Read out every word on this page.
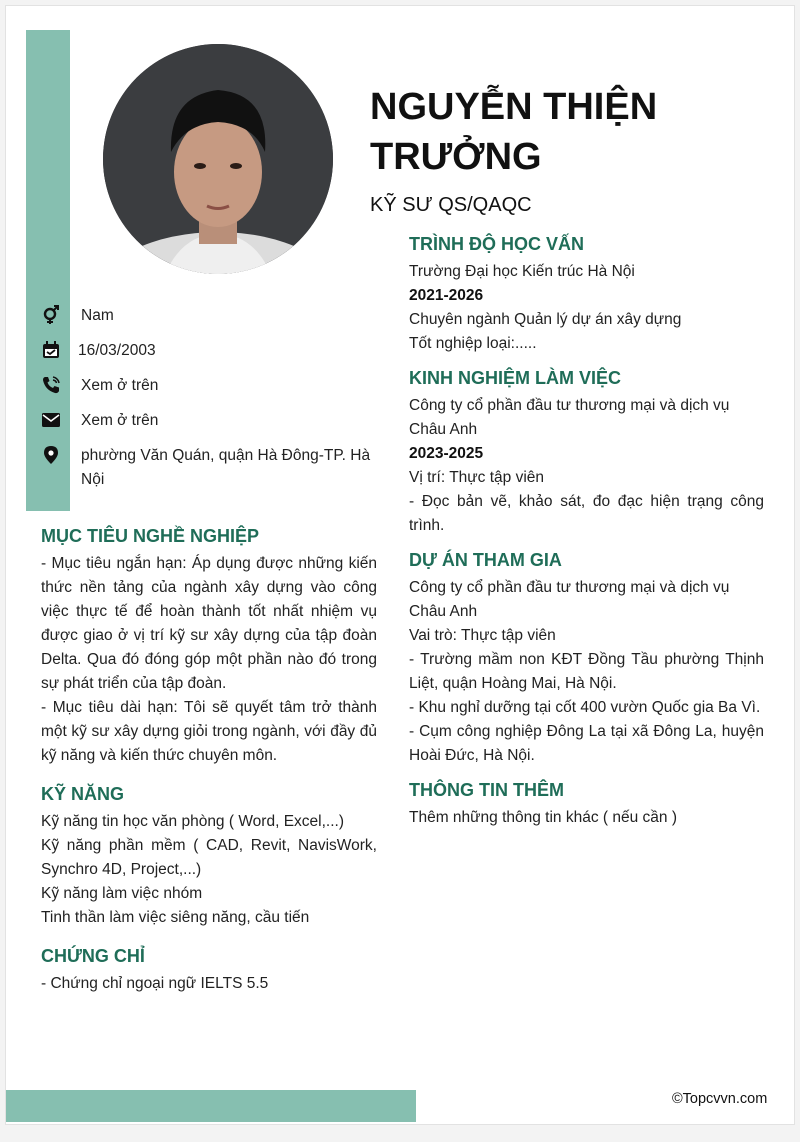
NGUYỄN THIỆN TRƯỞNG
KỸ SƯ QS/QAQC
Nam
16/03/2003
Xem ở trên
Xem ở trên
phường Văn Quán, quận Hà Đông-TP. Hà Nội
MỤC TIÊU NGHỀ NGHIỆP
- Mục tiêu ngắn hạn: Áp dụng được những kiến thức nền tảng của ngành xây dựng vào công việc thực tế để hoàn thành tốt nhất nhiệm vụ được giao ở vị trí kỹ sư xây dựng của tập đoàn Delta. Qua đó đóng góp một phần nào đó trong sự phát triển của tập đoàn.
- Mục tiêu dài hạn: Tôi sẽ quyết tâm trở thành một kỹ sư xây dựng giỏi trong ngành, với đầy đủ kỹ năng và kiến thức chuyên môn.
KỸ NĂNG
Kỹ năng tin học văn phòng ( Word, Excel,...)
Kỹ năng phần mềm ( CAD, Revit, NavisWork, Synchro 4D, Project,...)
Kỹ năng làm việc nhóm
Tinh thần làm việc siêng năng, cầu tiến
CHỨNG CHỈ
- Chứng chỉ ngoại ngữ IELTS 5.5
TRÌNH ĐỘ HỌC VẤN
Trường Đại học Kiến trúc Hà Nội
2021-2026
Chuyên ngành Quản lý dự án xây dựng
Tốt nghiệp loại:.....
KINH NGHIỆM LÀM VIỆC
Công ty cổ phần đầu tư thương mại và dịch vụ Châu Anh
2023-2025
Vị trí: Thực tập viên
- Đọc bản vẽ, khảo sát, đo đạc hiện trạng công trình.
DỰ ÁN THAM GIA
Công ty cổ phần đầu tư thương mại và dịch vụ Châu Anh
Vai trò: Thực tập viên
- Trường mầm non KĐT Đồng Tầu phường Thịnh Liệt, quận Hoàng Mai, Hà Nội.
- Khu nghỉ dưỡng tại cốt 400 vườn Quốc gia Ba Vì.
- Cụm công nghiệp Đông La tại xã Đông La, huyện Hoài Đức, Hà Nội.
THÔNG TIN THÊM
Thêm những thông tin khác ( nếu cần )
©Topcvvn.com
